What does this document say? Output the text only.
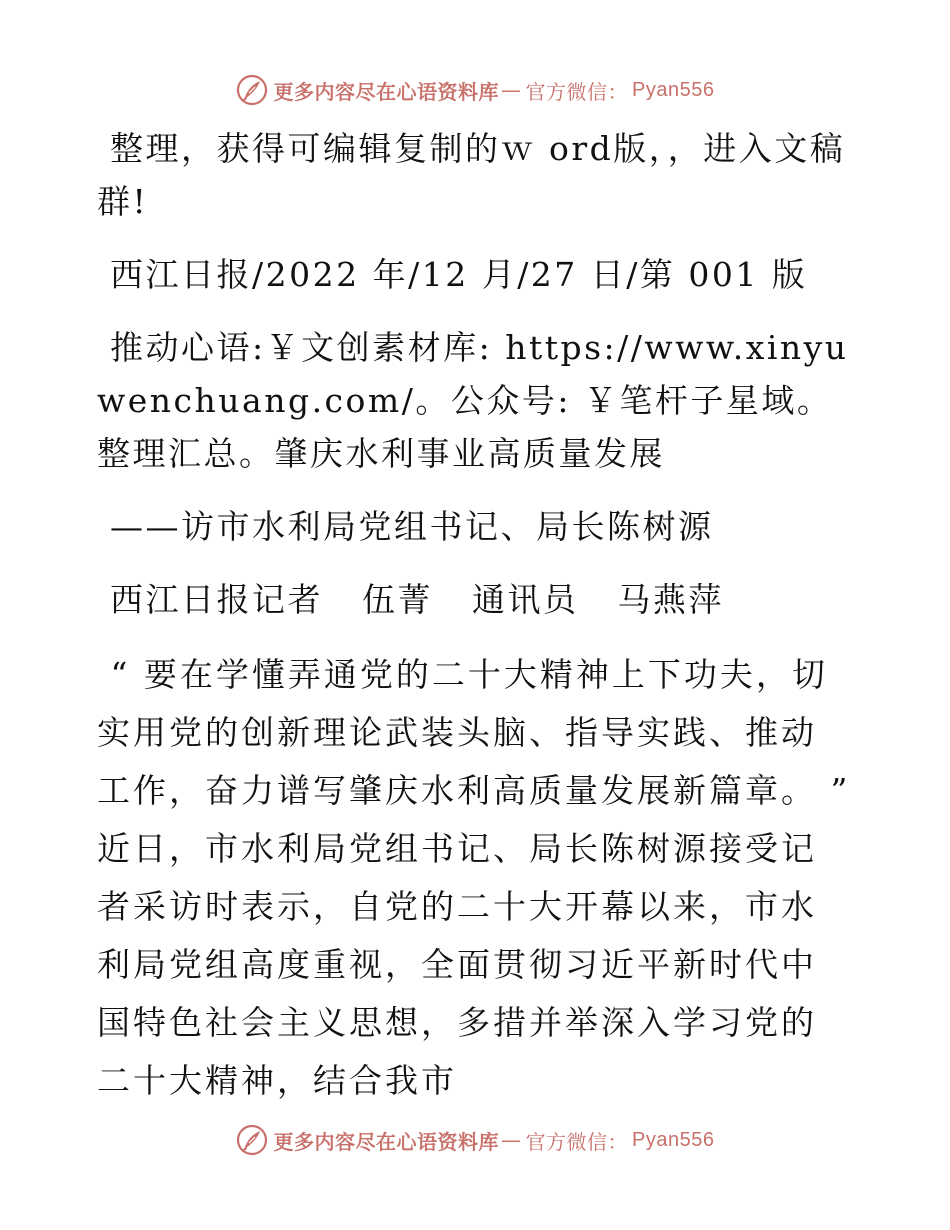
更多内容尽在心语资料库 — 官方微信： Pyan556

整理，获得可编辑复制的ｗ ord版，，进入文稿群!

西江日报/2022 年/12 月/27 日/第 001 版

推动心语:￥文创素材库: https://www.xinyuwenchuang.com/。公众号: ￥笔杆子星域。整理汇总。肇庆水利事业高质量发展

——访市水利局党组书记、局长陈树源

西江日报记者   伍菁   通讯员   马燕萍

“ 要在学懂弄通党的二十大精神上下功夫，切实用党的创新理论武装头脑、指导实践、推动工作，奋力谱写肇庆水利高质量发展新篇章。 ” 近日，市水利局党组书记、局长陈树源接受记者采访时表示，自党的二十大开幕以来，市水利局党组高度重视，全面贯彻习近平新时代中国特色社会主义思想，多措并举深入学习党的二十大精神，结合我市

更多内容尽在心语资料库 — 官方微信： Pyan556
